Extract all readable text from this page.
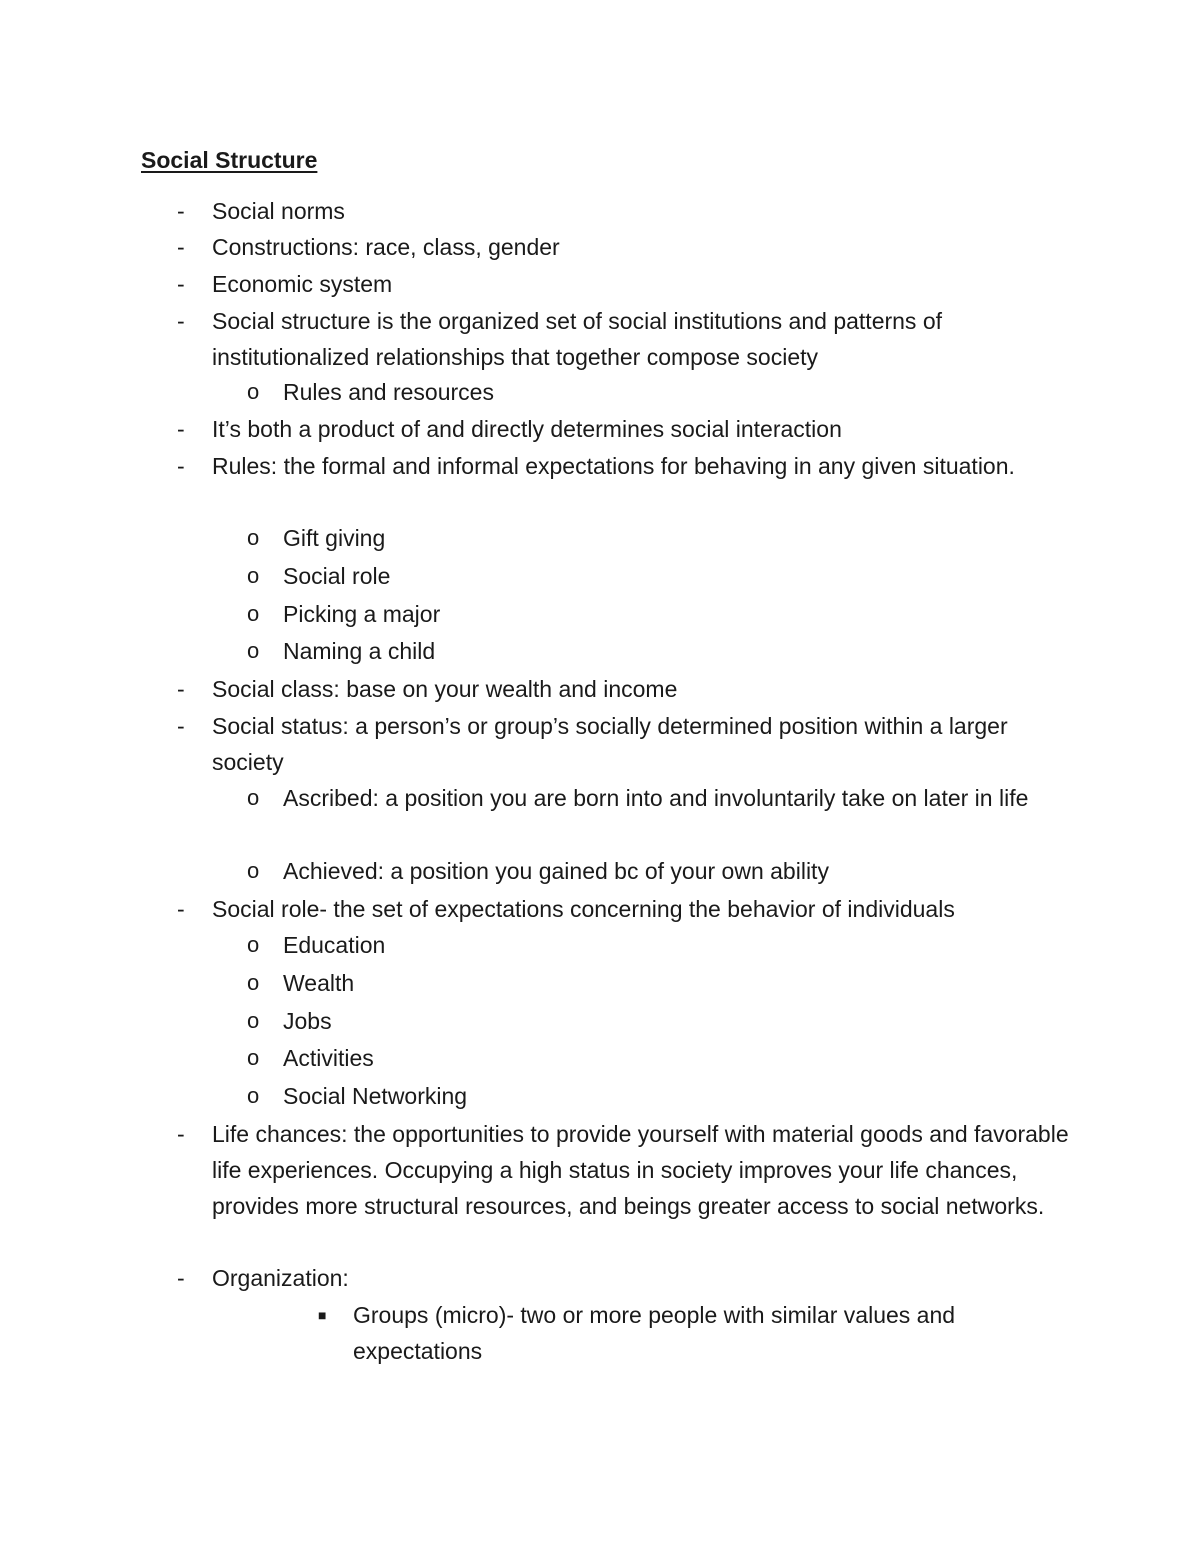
Social Structure
- Social norms
- Constructions: race, class, gender
- Economic system
- Social structure is the organized set of social institutions and patterns of institutionalized relationships that together compose society
o Rules and resources
- It’s both a product of and directly determines social interaction
- Rules: the formal and informal expectations for behaving in any given situation.
o Gift giving
o Social role
o Picking a major
o Naming a child
- Social class: base on your wealth and income
- Social status: a person’s or group’s socially determined position within a larger society
o Ascribed: a position you are born into and involuntarily take on later in life
o Achieved: a position you gained bc of your own ability
- Social role- the set of expectations concerning the behavior of individuals
o Education
o Wealth
o Jobs
o Activities
o Social Networking
- Life chances: the opportunities to provide yourself with material goods and favorable life experiences. Occupying a high status in society improves your life chances, provides more structural resources, and beings greater access to social networks.
- Organization:
■ Groups (micro)- two or more people with similar values and expectations
